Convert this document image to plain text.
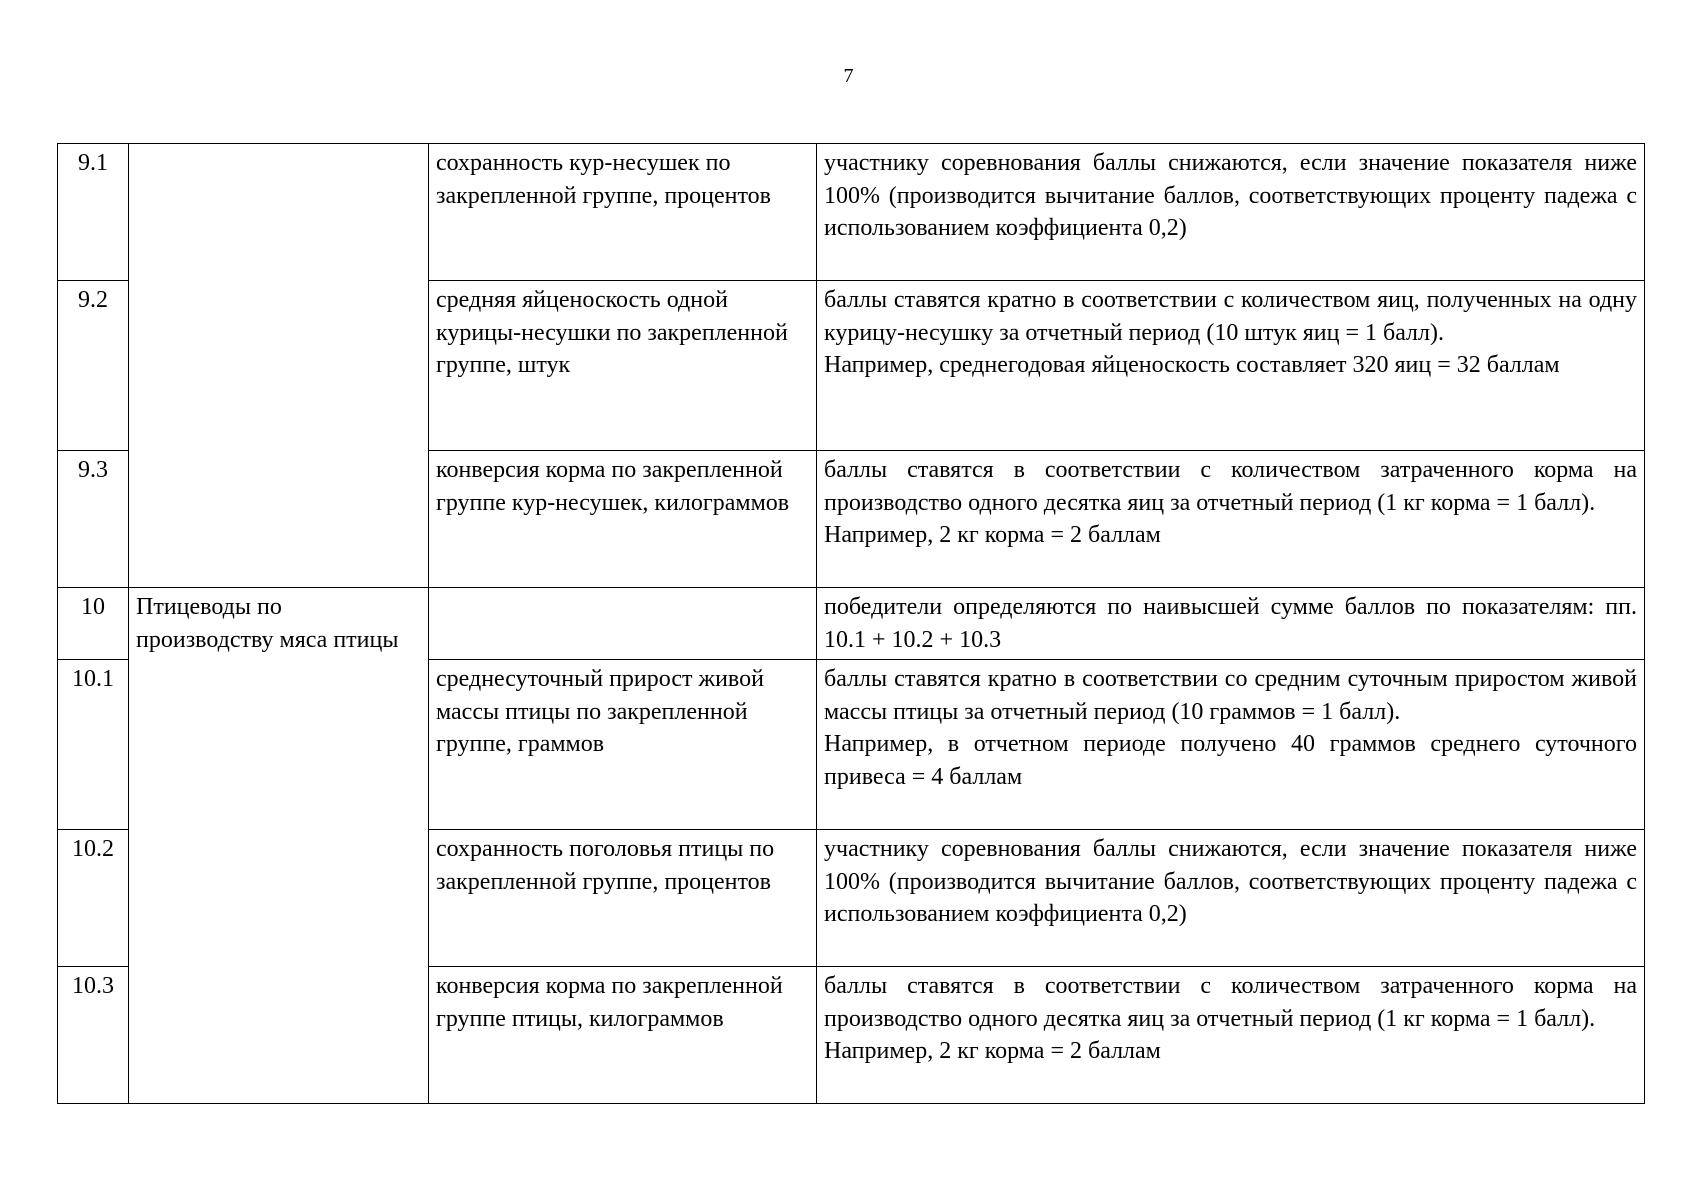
7
9.1		сохранность кур-несушек по закрепленной группе, процентов	участнику соревнования баллы снижаются, если значение показателя ниже 100% (производится вычитание баллов, соответствующих проценту падежа с использованием коэффициента 0,2)

9.2		средняя яйценоскость одной курицы-несушки по закрепленной группе, штук	баллы ставятся кратно в соответствии с количеством яиц, полученных на одну курицу-несушку за отчетный период (10 штук яиц = 1 балл).
Например, среднегодовая яйценоскость составляет 320 яиц = 32 баллам

9.3		конверсия корма по закрепленной группе кур-несушек, килограммов	баллы ставятся в соответствии с количеством затраченного корма на производство одного десятка яиц за отчетный период (1 кг корма = 1 балл).
Например, 2 кг корма = 2 баллам

10	Птицеводы по производству мяса птицы		победители определяются по наивысшей сумме баллов по показателям: пп. 10.1 + 10.2 + 10.3

10.1		среднесуточный прирост живой массы птицы по закрепленной группе, граммов	баллы ставятся кратно в соответствии со средним суточным приростом живой массы птицы за отчетный период (10 граммов = 1 балл).
Например, в отчетном периоде получено 40 граммов среднего суточного привеса = 4 баллам

10.2		сохранность поголовья птицы по закрепленной группе, процентов	участнику соревнования баллы снижаются, если значение показателя ниже 100% (производится вычитание баллов, соответствующих проценту падежа с использованием коэффициента 0,2)

10.3		конверсия корма по закрепленной группе птицы, килограммов	баллы ставятся в соответствии с количеством затраченного корма на производство одного десятка яиц за отчетный период (1 кг корма = 1 балл).
Например, 2 кг корма = 2 баллам
